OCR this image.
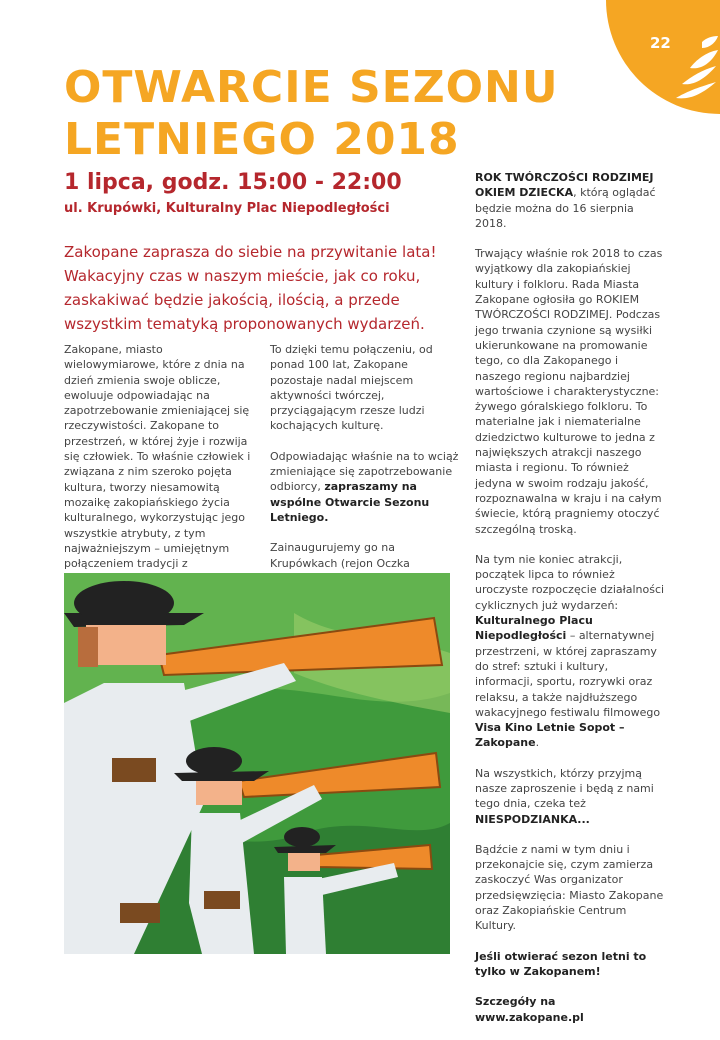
22
OTWARCIE SEZONU
LETNIEGO 2018

1 lipca, godz. 15:00 - 22:00

ul. Krupówki, Kulturalny Plac Niepodległości

Zakopane zaprasza do siebie na przywitanie lata! Wakacyjny czas w naszym mieście, jak co roku, zaskakiwać będzie jakością, ilością, a przede wszystkim tematyką proponowanych wydarzeń.

Zakopane, miasto wielowymiarowe, które z dnia na dzień zmienia swoje oblicze, ewoluuje odpowiadając na zapotrzebowanie zmieniającej się rzeczywistości. Zakopane to przestrzeń, w której żyje i rozwija się człowiek. To właśnie człowiek i związana z nim szeroko pojęta kultura, tworzy niesamowitą mozaikę zakopiańskiego życia kulturalnego, wykorzystując jego wszystkie atrybuty, z tym najważniejszym – umiejętnym połączeniem tradycji z

To dzięki temu połączeniu, od ponad 100 lat, Zakopane pozostaje nadal miejscem aktywności twórczej, przyciągającym rzesze ludzi kochających kulturę.

Odpowiadając właśnie na to wciąż zmieniające się zapotrzebowanie odbiorcy, zapraszamy na wspólne Otwarcie Sezonu Letniego.

Zainaugurujemy go na Krupówkach (rejon Oczka

ROK TWÓRCZOŚCI RODZIMEJ OKIEM DZIECKA, którą oglądać będzie można do 16 sierpnia 2018.

Trwający właśnie rok 2018 to czas wyjątkowy dla zakopiańskiej kultury i folkloru. Rada Miasta Zakopane ogłosiła go ROKIEM TWÓRCZOŚCI RODZIMEJ. Podczas jego trwania czynione są wysiłki ukierunkowane na promowanie tego, co dla Zakopanego i naszego regionu najbardziej wartościowe i charakterystyczne: żywego góralskiego folkloru. To materialne jak i niematerialne dziedzictwo kulturowe to jedna z największych atrakcji naszego miasta i regionu. To również jedyna w swoim rodzaju jakość, rozpoznawalna w kraju i na całym świecie, którą pragniemy otoczyć szczególną troską.

Na tym nie koniec atrakcji, początek lipca to również uroczyste rozpoczęcie działalności cyklicznych już wydarzeń: Kulturalnego Placu Niepodległości – alternatywnej przestrzeni, w której zapraszamy do stref: sztuki i kultury, informacji, sportu, rozrywki oraz relaksu, a także najdłuższego wakacyjnego festiwalu filmowego Visa Kino Letnie Sopot – Zakopane.

Na wszystkich, którzy przyjmą naszе zaproszenie i będą z nami tego dnia, czeka też NIESPODZIANKA...

Bądźcie z nami w tym dniu i przekonajcie się, czym zamierza zaskoczyć Was organizator przedsięwzięcia: Miasto Zakopane oraz Zakopiańskie Centrum Kultury.

Jeśli otwierać sezon letni to tylko w Zakopanem!

Szczegóły na www.zakopane.pl
